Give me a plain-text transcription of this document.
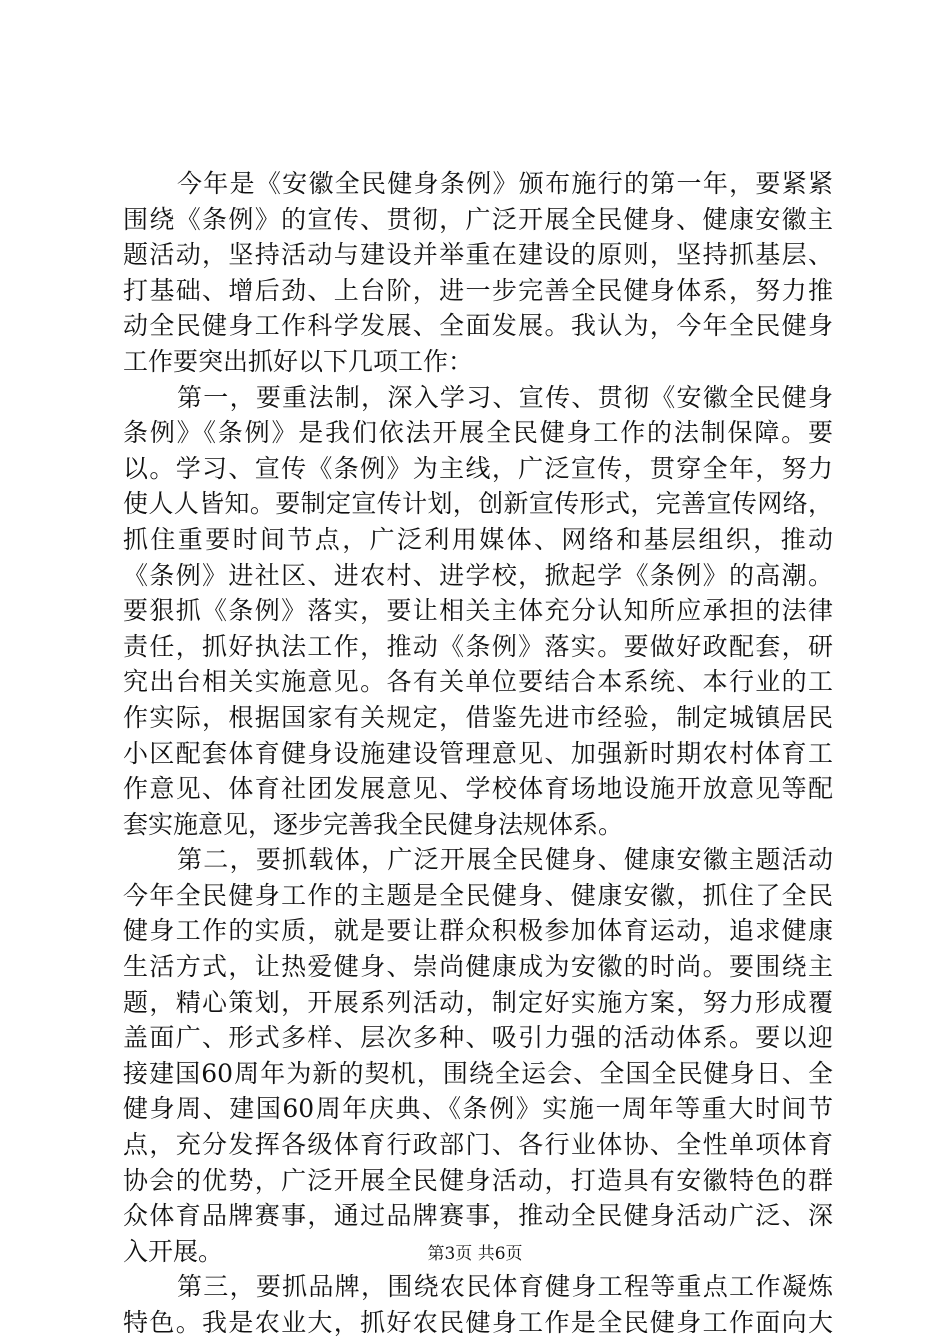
今年是《安徽全民健身条例》颁布施行的第一年，要紧紧
围绕《条例》的宣传、贯彻，广泛开展全民健身、健康安徽主
题活动，坚持活动与建设并举重在建设的原则，坚持抓基层、
打基础、增后劲、上台阶，进一步完善全民健身体系，努力推
动全民健身工作科学发展、全面发展。我认为，今年全民健身
工作要突出抓好以下几项工作：
第一，要重法制，深入学习、宣传、贯彻《安徽全民健身
条例》《条例》是我们依法开展全民健身工作的法制保障。要
以。学习、宣传《条例》为主线，广泛宣传，贯穿全年，努力
使人人皆知。要制定宣传计划，创新宣传形式，完善宣传网络，
抓住重要时间节点，广泛利用媒体、网络和基层组织，推动
《条例》进社区、进农村、进学校，掀起学《条例》的高潮。
要狠抓《条例》落实，要让相关主体充分认知所应承担的法律
责任，抓好执法工作，推动《条例》落实。要做好政配套，研
究出台相关实施意见。各有关单位要结合本系统、本行业的工
作实际，根据国家有关规定，借鉴先进市经验，制定城镇居民
小区配套体育健身设施建设管理意见、加强新时期农村体育工
作意见、体育社团发展意见、学校体育场地设施开放意见等配
套实施意见，逐步完善我全民健身法规体系。
第二，要抓载体，广泛开展全民健身、健康安徽主题活动
今年全民健身工作的主题是全民健身、健康安徽，抓住了全民
健身工作的实质，就是要让群众积极参加体育运动，追求健康
生活方式，让热爱健身、崇尚健康成为安徽的时尚。要围绕主
题，精心策划，开展系列活动，制定好实施方案，努力形成覆
盖面广、形式多样、层次多种、吸引力强的活动体系。要以迎
接建国60周年为新的契机，围绕全运会、全国全民健身日、全
健身周、建国60周年庆典、《条例》实施一周年等重大时间节
点，充分发挥各级体育行政部门、各行业体协、全性单项体育
协会的优势，广泛开展全民健身活动，打造具有安徽特色的群
众体育品牌赛事，通过品牌赛事，推动全民健身活动广泛、深
入开展。
第三，要抓品牌，围绕农民体育健身工程等重点工作凝炼
特色。我是农业大，抓好农民健身工作是全民健身工作面向大
第3页 共6页
